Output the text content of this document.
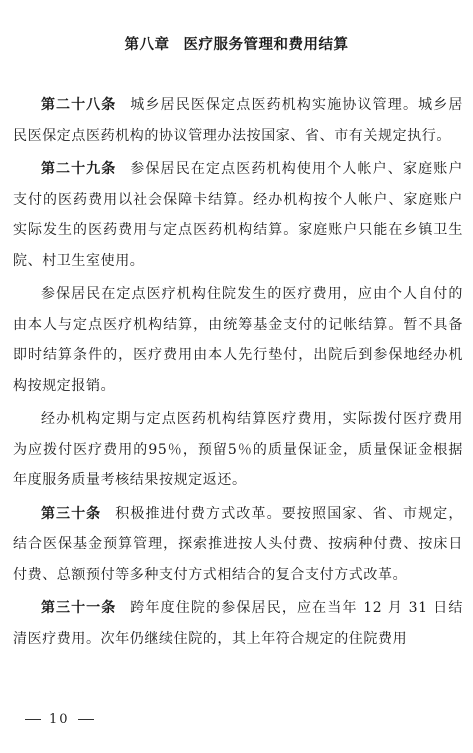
第八章 医疗服务管理和费用结算

第二十八条 城乡居民医保定点医药机构实施协议管理。城乡居民医保定点医药机构的协议管理办法按国家、省、市有关规定执行。

第二十九条 参保居民在定点医药机构使用个人帐户、家庭账户支付的医药费用以社会保障卡结算。经办机构按个人帐户、家庭账户实际发生的医药费用与定点医药机构结算。家庭账户只能在乡镇卫生院、村卫生室使用。

参保居民在定点医疗机构住院发生的医疗费用，应由个人自付的由本人与定点医疗机构结算，由统筹基金支付的记帐结算。暂不具备即时结算条件的，医疗费用由本人先行垫付，出院后到参保地经办机构按规定报销。

经办机构定期与定点医药机构结算医疗费用，实际拨付医疗费用为应拨付医疗费用的95％，预留5％的质量保证金，质量保证金根据年度服务质量考核结果按规定返还。

第三十条 积极推进付费方式改革。要按照国家、省、市规定，结合医保基金预算管理，探索推进按人头付费、按病种付费、按床日付费、总额预付等多种支付方式相结合的复合支付方式改革。

第三十一条 跨年度住院的参保居民，应在当年 12 月 31 日结清医疗费用。次年仍继续住院的，其上年符合规定的住院费用

10
